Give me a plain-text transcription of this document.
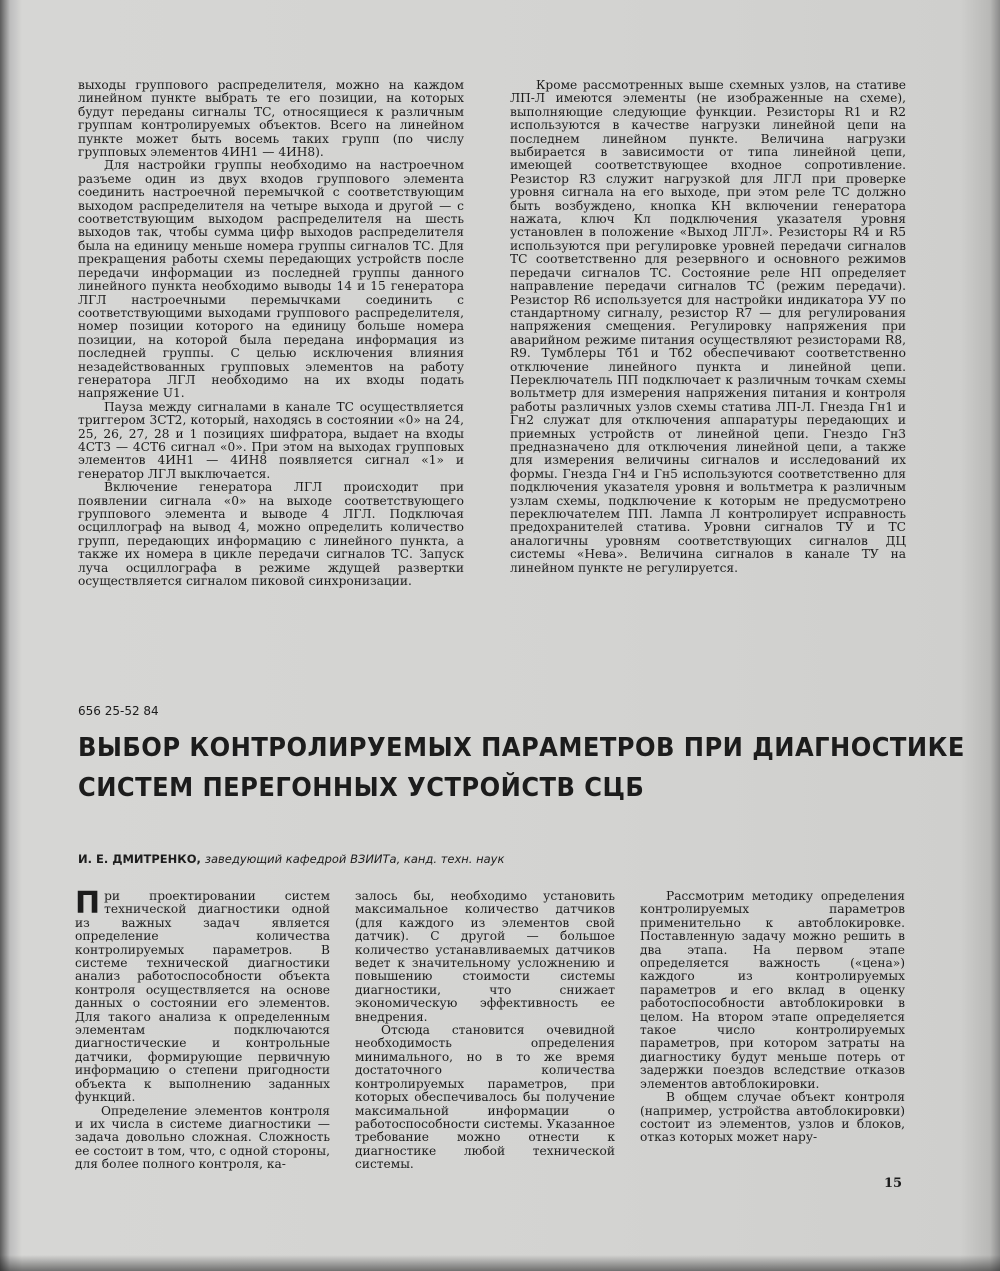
выходы группового распределителя, можно на каждом линейном пункте выбрать те его позиции, на которых будут переданы сигналы ТС, относящиеся к различным группам контролируемых объектов. Всего на линейном пункте может быть восемь таких групп (по числу групповых элементов 4ИН1 — 4ИН8).

Для настройки группы необходимо на настроечном разъеме один из двух входов группового элемента соединить настроечной перемычкой с соответствующим выходом распределителя на четыре выхода и другой — с соответствующим выходом распределителя на шесть выходов так, чтобы сумма цифр выходов распределителя была на единицу меньше номера группы сигналов ТС. Для прекращения работы схемы передающих устройств после передачи информации из последней группы данного линейного пункта необходимо выводы 14 и 15 генератора ЛГЛ настроечными перемычками соединить с соответствующими выходами группового распределителя, номер позиции которого на единицу больше номера позиции, на которой была передана информация из последней группы. С целью исключения влияния незадействованных групповых элементов на работу генератора ЛГЛ необходимо на их входы подать напряжение U1.

Пауза между сигналами в канале ТС осуществляется триггером 3СТ2, который, находясь в состоянии «0» на 24, 25, 26, 27, 28 и 1 позициях шифратора, выдает на входы 4СТ3 — 4СТ6 сигнал «0». При этом на выходах групповых элементов 4ИН1 — 4ИН8 появляется сигнал «1» и генератор ЛГЛ выключается.

Включение генератора ЛГЛ происходит при появлении сигнала «0» на выходе соответствующего группового элемента и выводе 4 ЛГЛ. Подключая осциллограф на вывод 4, можно определить количество групп, передающих информацию с линейного пункта, а также их номера в цикле передачи сигналов ТС. Запуск луча осциллографа в режиме ждущей развертки осуществляется сигналом пиковой синхронизации.

Кроме рассмотренных выше схемных узлов, на стативе ЛП-Л имеются элементы (не изображенные на схеме), выполняющие следующие функции. Резисторы R1 и R2 используются в качестве нагрузки линейной цепи на последнем линейном пункте. Величина нагрузки выбирается в зависимости от типа линейной цепи, имеющей соответствующее входное сопротивление. Резистор R3 служит нагрузкой для ЛГЛ при проверке уровня сигнала на его выходе, при этом реле ТС должно быть возбуждено, кнопка КН включении генератора нажата, ключ Кл подключения указателя уровня установлен в положение «Выход ЛГЛ». Резисторы R4 и R5 используются при регулировке уровней передачи сигналов ТС соответственно для резервного и основного режимов передачи сигналов ТС. Состояние реле НП определяет направление передачи сигналов ТС (режим передачи). Резистор R6 используется для настройки индикатора УУ по стандартному сигналу, резистор R7 — для регулирования напряжения смещения. Регулировку напряжения при аварийном режиме питания осуществляют резисторами R8, R9. Тумблеры Тб1 и Тб2 обеспечивают соответственно отключение линейного пункта и линейной цепи. Переключатель ПП подключает к различным точкам схемы вольтметр для измерения напряжения питания и контроля работы различных узлов схемы статива ЛП-Л. Гнезда Гн1 и Гн2 служат для отключения аппаратуры передающих и приемных устройств от линейной цепи. Гнездо Гн3 предназначено для отключения линейной цепи, а также для измерения величины сигналов и исследований их формы. Гнезда Гн4 и Гн5 используются соответственно для подключения указателя уровня и вольтметра к различным узлам схемы, подключение к которым не предусмотрено переключателем ПП. Лампа Л контролирует исправность предохранителей статива. Уровни сигналов ТУ и ТС аналогичны уровням соответствующих сигналов ДЦ системы «Нева». Величина сигналов в канале ТУ на линейном пункте не регулируется.

656 25-52 84
ВЫБОР КОНТРОЛИРУЕМЫХ ПАРАМЕТРОВ ПРИ ДИАГНОСТИКЕ
СИСТЕМ ПЕРЕГОННЫХ УСТРОЙСТВ СЦБ
И. Е. ДМИТРЕНКО, заведующий кафедрой ВЗИИТа, канд. техн. наук

При проектировании систем технической диагностики одной из важных задач является определение количества контролируемых параметров. В системе технической диагностики анализ работоспособности объекта контроля осуществляется на основе данных о состоянии его элементов. Для такого анализа к определенным элементам подключаются диагностические и контрольные датчики, формирующие первичную информацию о степени пригодности объекта к выполнению заданных функций.

Определение элементов контроля и их числа в системе диагностики — задача довольно сложная. Сложность ее состоит в том, что, с одной стороны, для более полного контроля, ка-

залось бы, необходимо установить максимальное количество датчиков (для каждого из элементов свой датчик). С другой — большое количество устанавливаемых датчиков ведет к значительному усложнению и повышению стоимости системы диагностики, что снижает экономическую эффективность ее внедрения.

Отсюда становится очевидной необходимость определения минимального, но в то же время достаточного количества контролируемых параметров, при которых обеспечивалось бы получение максимальной информации о работоспособности системы. Указанное требование можно отнести к диагностике любой технической системы.

Рассмотрим методику определения контролируемых параметров применительно к автоблокировке. Поставленную задачу можно решить в два этапа. На первом этапе определяется важность («цена») каждого из контролируемых параметров и его вклад в оценку работоспособности автоблокировки в целом. На втором этапе определяется такое число контролируемых параметров, при котором затраты на диагностику будут меньше потерь от задержки поездов вследствие отказов элементов автоблокировки.

В общем случае объект контроля (например, устройства автоблокировки) состоит из элементов, узлов и блоков, отказ которых может нару-

15
